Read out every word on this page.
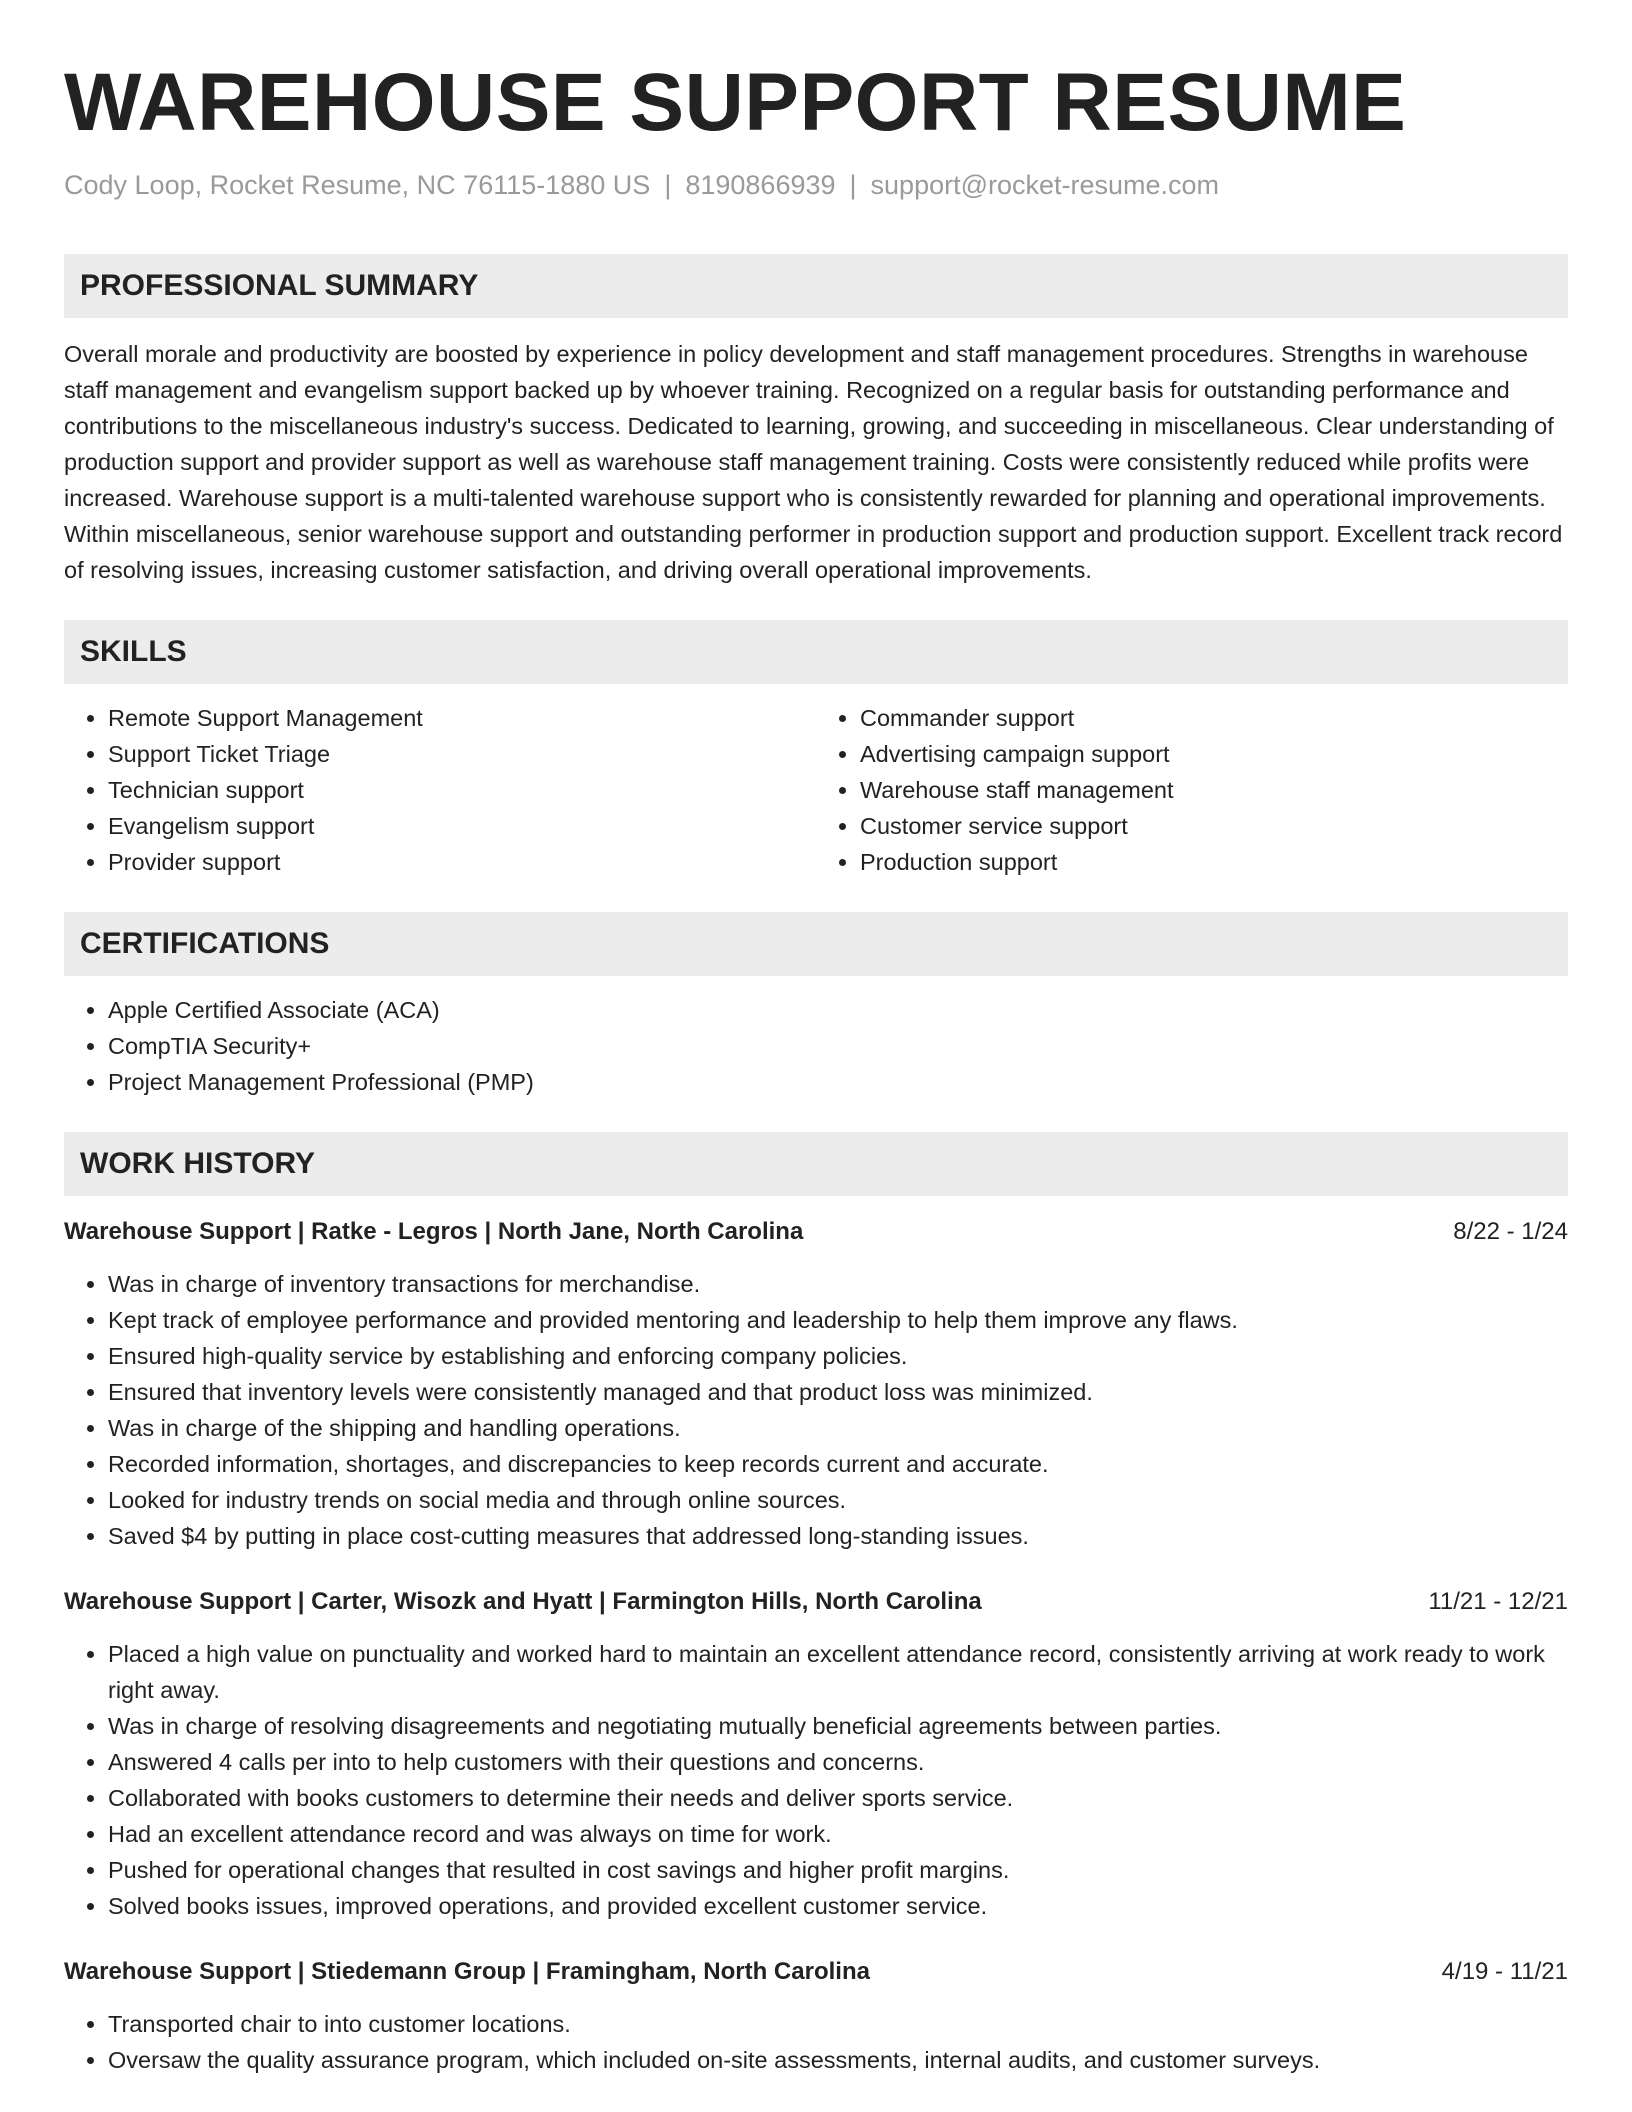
WAREHOUSE SUPPORT RESUME
Cody Loop, Rocket Resume, NC 76115-1880 US | 8190866939 | support@rocket-resume.com
PROFESSIONAL SUMMARY

Overall morale and productivity are boosted by experience in policy development and staff management procedures. Strengths in warehouse staff management and evangelism support backed up by whoever training. Recognized on a regular basis for outstanding performance and contributions to the miscellaneous industry's success. Dedicated to learning, growing, and succeeding in miscellaneous. Clear understanding of production support and provider support as well as warehouse staff management training. Costs were consistently reduced while profits were increased. Warehouse support is a multi-talented warehouse support who is consistently rewarded for planning and operational improvements. Within miscellaneous, senior warehouse support and outstanding performer in production support and production support. Excellent track record of resolving issues, increasing customer satisfaction, and driving overall operational improvements.

SKILLS
• Remote Support Management
• Support Ticket Triage
• Technician support
• Evangelism support
• Provider support
• Commander support
• Advertising campaign support
• Warehouse staff management
• Customer service support
• Production support
CERTIFICATIONS
• Apple Certified Associate (ACA)
• CompTIA Security+
• Project Management Professional (PMP)
WORK HISTORY
Warehouse Support | Ratke - Legros | North Jane, North Carolina	8/22 - 1/24
• Was in charge of inventory transactions for merchandise.
• Kept track of employee performance and provided mentoring and leadership to help them improve any flaws.
• Ensured high-quality service by establishing and enforcing company policies.
• Ensured that inventory levels were consistently managed and that product loss was minimized.
• Was in charge of the shipping and handling operations.
• Recorded information, shortages, and discrepancies to keep records current and accurate.
• Looked for industry trends on social media and through online sources.
• Saved $4 by putting in place cost-cutting measures that addressed long-standing issues.
Warehouse Support | Carter, Wisozk and Hyatt | Farmington Hills, North Carolina	11/21 - 12/21
• Placed a high value on punctuality and worked hard to maintain an excellent attendance record, consistently arriving at work ready to work right away.
• Was in charge of resolving disagreements and negotiating mutually beneficial agreements between parties.
• Answered 4 calls per into to help customers with their questions and concerns.
• Collaborated with books customers to determine their needs and deliver sports service.
• Had an excellent attendance record and was always on time for work.
• Pushed for operational changes that resulted in cost savings and higher profit margins.
• Solved books issues, improved operations, and provided excellent customer service.
Warehouse Support | Stiedemann Group | Framingham, North Carolina	4/19 - 11/21
• Transported chair to into customer locations.
• Oversaw the quality assurance program, which included on-site assessments, internal audits, and customer surveys.
